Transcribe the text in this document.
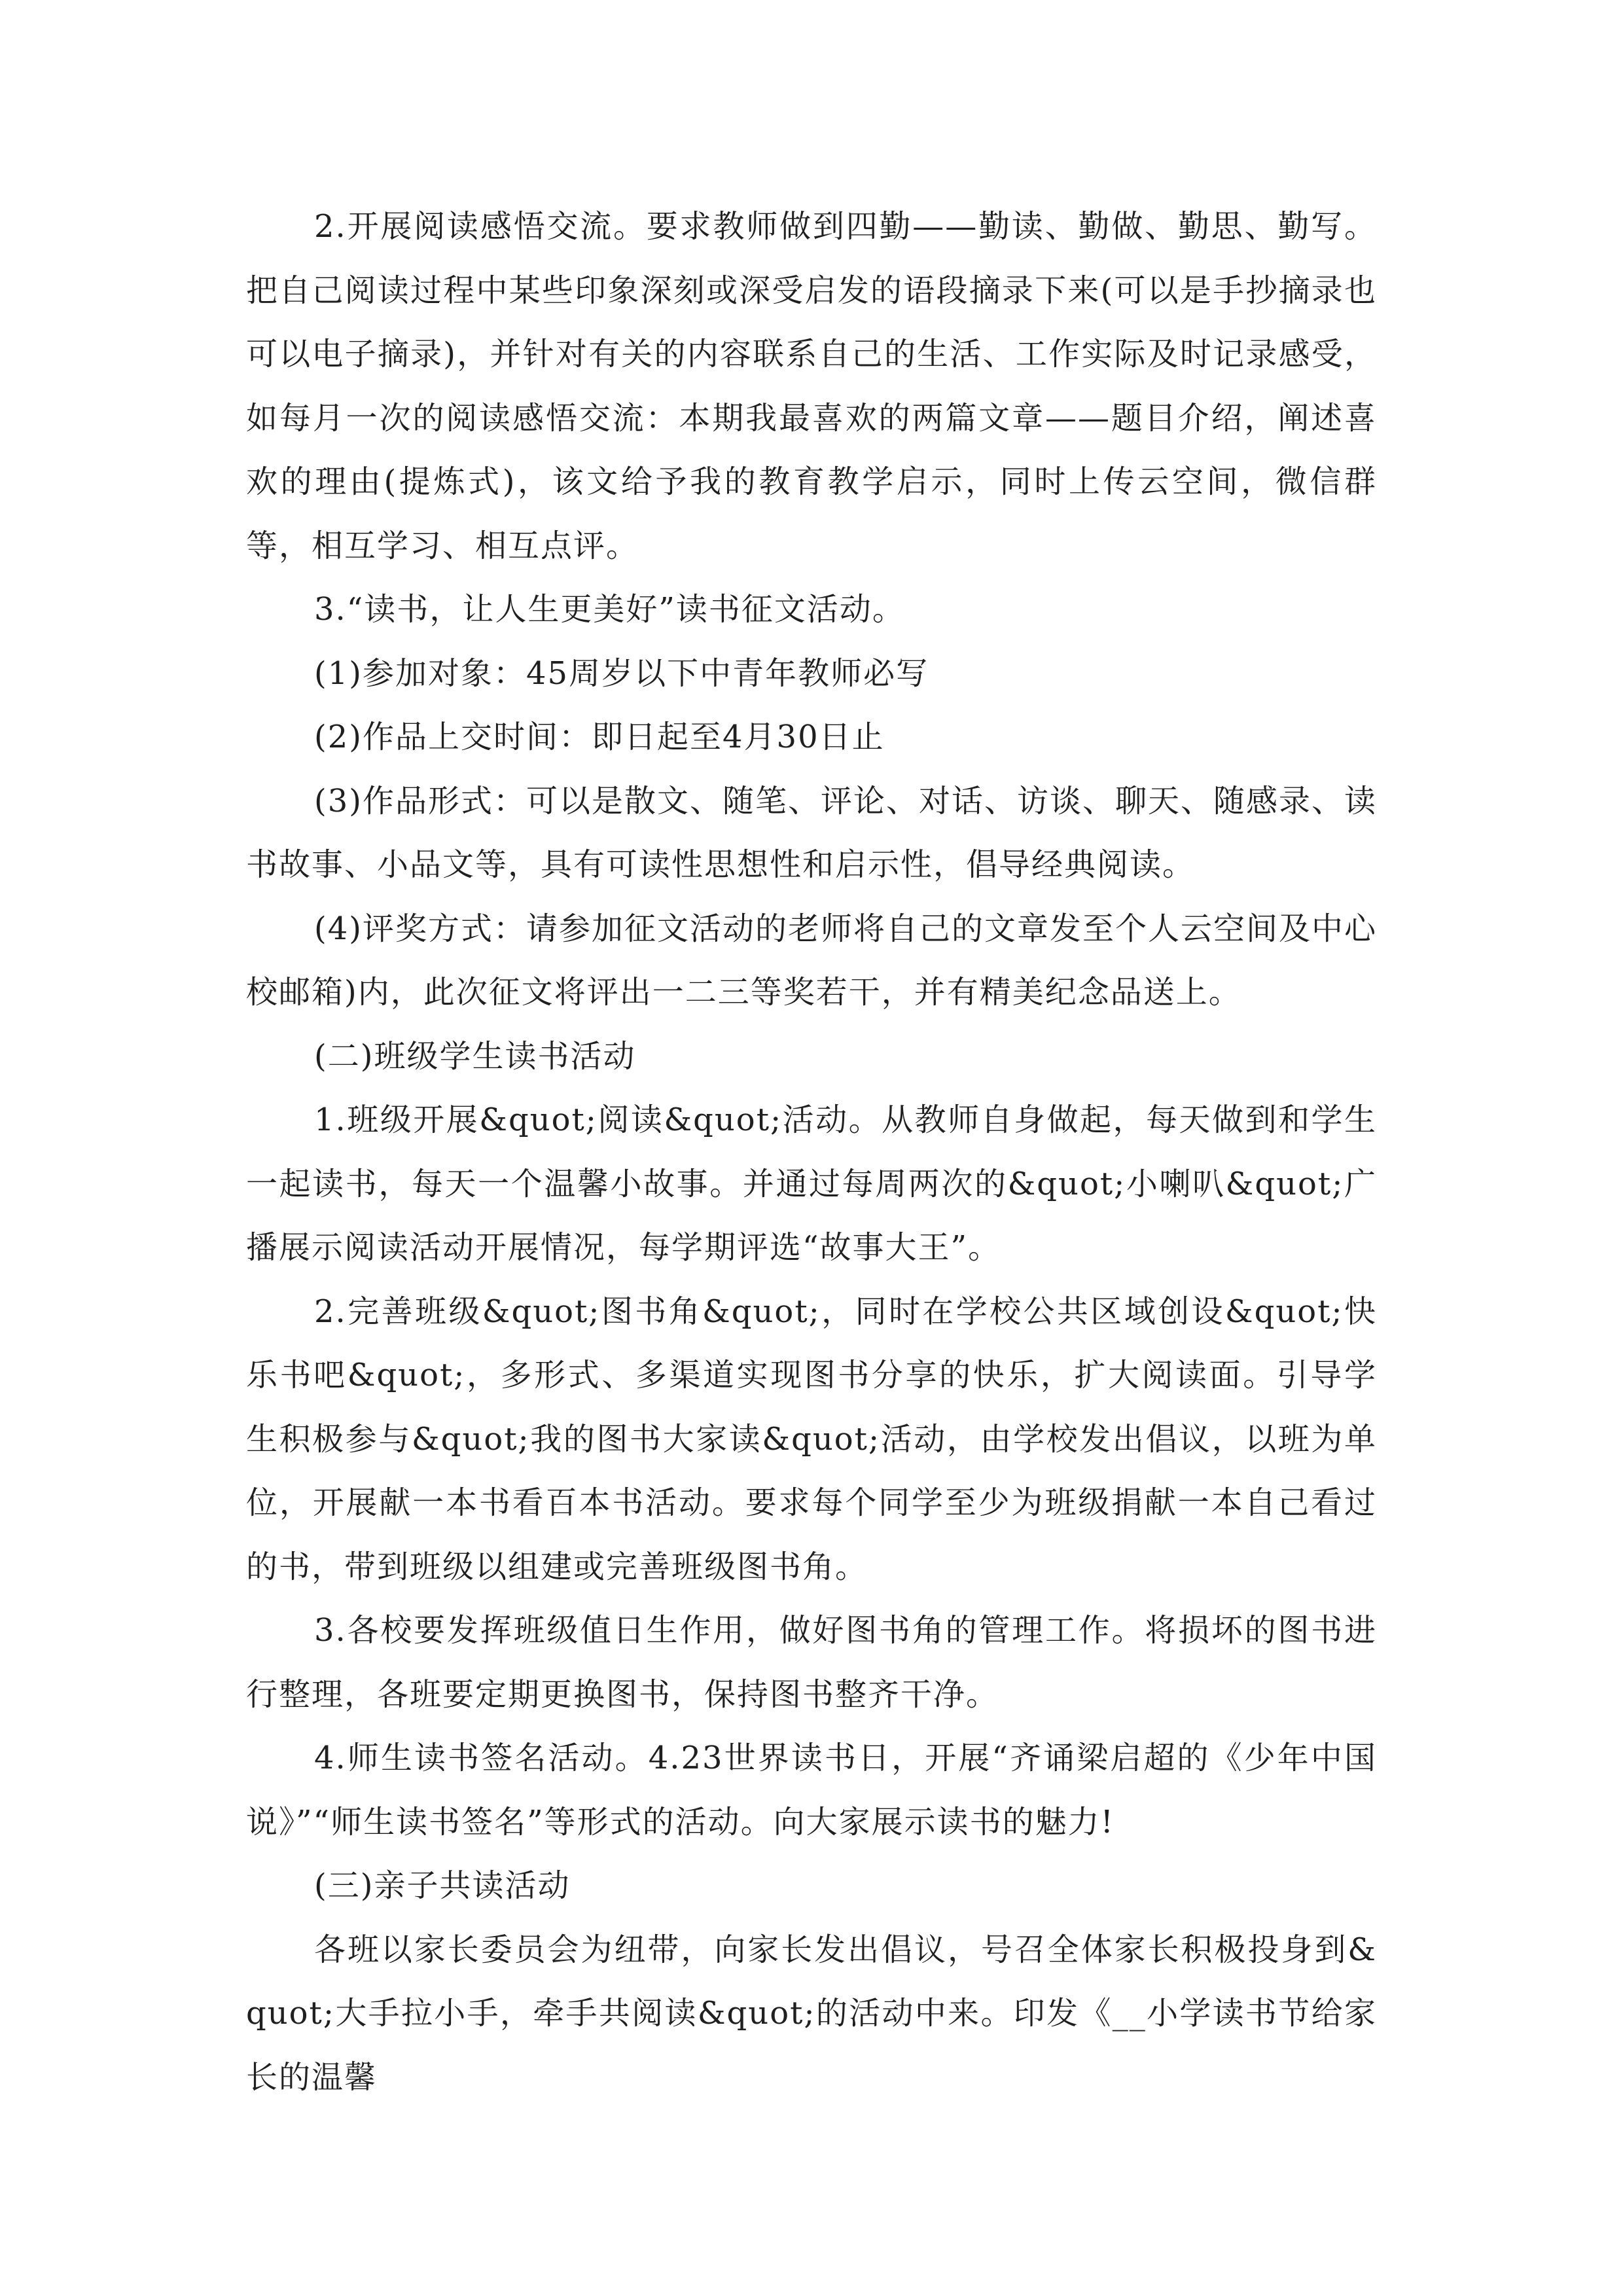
2.开展阅读感悟交流。要求教师做到四勤——勤读、勤做、勤思、勤写。把自己阅读过程中某些印象深刻或深受启发的语段摘录下来(可以是手抄摘录也可以电子摘录)，并针对有关的内容联系自己的生活、工作实际及时记录感受，如每月一次的阅读感悟交流：本期我最喜欢的两篇文章——题目介绍，阐述喜欢的理由(提炼式)，该文给予我的教育教学启示，同时上传云空间，微信群等，相互学习、相互点评。

3.“读书，让人生更美好”读书征文活动。

(1)参加对象：45周岁以下中青年教师必写

(2)作品上交时间：即日起至4月30日止

(3)作品形式：可以是散文、随笔、评论、对话、访谈、聊天、随感录、读书故事、小品文等，具有可读性思想性和启示性，倡导经典阅读。

(4)评奖方式：请参加征文活动的老师将自己的文章发至个人云空间及中心校邮箱)内，此次征文将评出一二三等奖若干，并有精美纪念品送上。

(二)班级学生读书活动

1.班级开展&quot;阅读&quot;活动。从教师自身做起，每天做到和学生一起读书，每天一个温馨小故事。并通过每周两次的&quot;小喇叭&quot;广播展示阅读活动开展情况，每学期评选“故事大王”。

2.完善班级&quot;图书角&quot;，同时在学校公共区域创设&quot;快乐书吧&quot;，多形式、多渠道实现图书分享的快乐，扩大阅读面。引导学生积极参与&quot;我的图书大家读&quot;活动，由学校发出倡议，以班为单位，开展献一本书看百本书活动。要求每个同学至少为班级捐献一本自己看过的书，带到班级以组建或完善班级图书角。

3.各校要发挥班级值日生作用，做好图书角的管理工作。将损坏的图书进行整理，各班要定期更换图书，保持图书整齐干净。

4.师生读书签名活动。4.23世界读书日，开展“齐诵梁启超的《少年中国说》”“师生读书签名”等形式的活动。向大家展示读书的魅力!

(三)亲子共读活动

各班以家长委员会为纽带，向家长发出倡议，号召全体家长积极投身到&quot;大手拉小手，牵手共阅读&quot;的活动中来。印发《__小学读书节给家长的温馨
